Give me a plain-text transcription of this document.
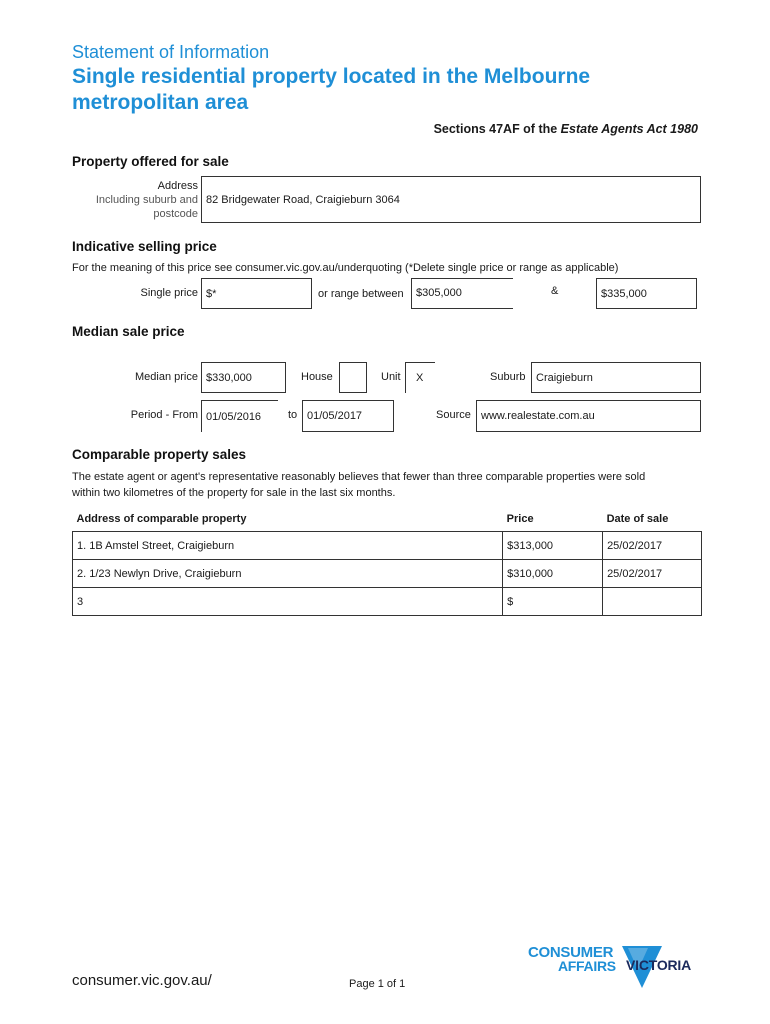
Statement of Information
Single residential property located in the Melbourne
metropolitan area
Sections 47AF of the Estate Agents Act 1980
Property offered for sale
Address
Including suburb and
postcode
82 Bridgewater Road, Craigieburn 3064
Indicative selling price
For the meaning of this price see consumer.vic.gov.au/underquoting (*Delete single price or range as applicable)
Single price $*	or range between $305,000	&	$335,000
Median sale price
Median price $330,000	House	Unit X	Suburb Craigieburn
Period - From 01/05/2016 to 01/05/2017	Source www.realestate.com.au
Comparable property sales
The estate agent or agent's representative reasonably believes that fewer than three comparable properties were sold
within two kilometres of the property for sale in the last six months.
Address of comparable property	Price	Date of sale
1. 1B Amstel Street, Craigieburn	$313,000	25/02/2017
2. 1/23 Newlyn Drive, Craigieburn	$310,000	25/02/2017
3	$	
consumer.vic.gov.au/	Page 1 of 1
CONSUMER
AFFAIRS VICTORIA
